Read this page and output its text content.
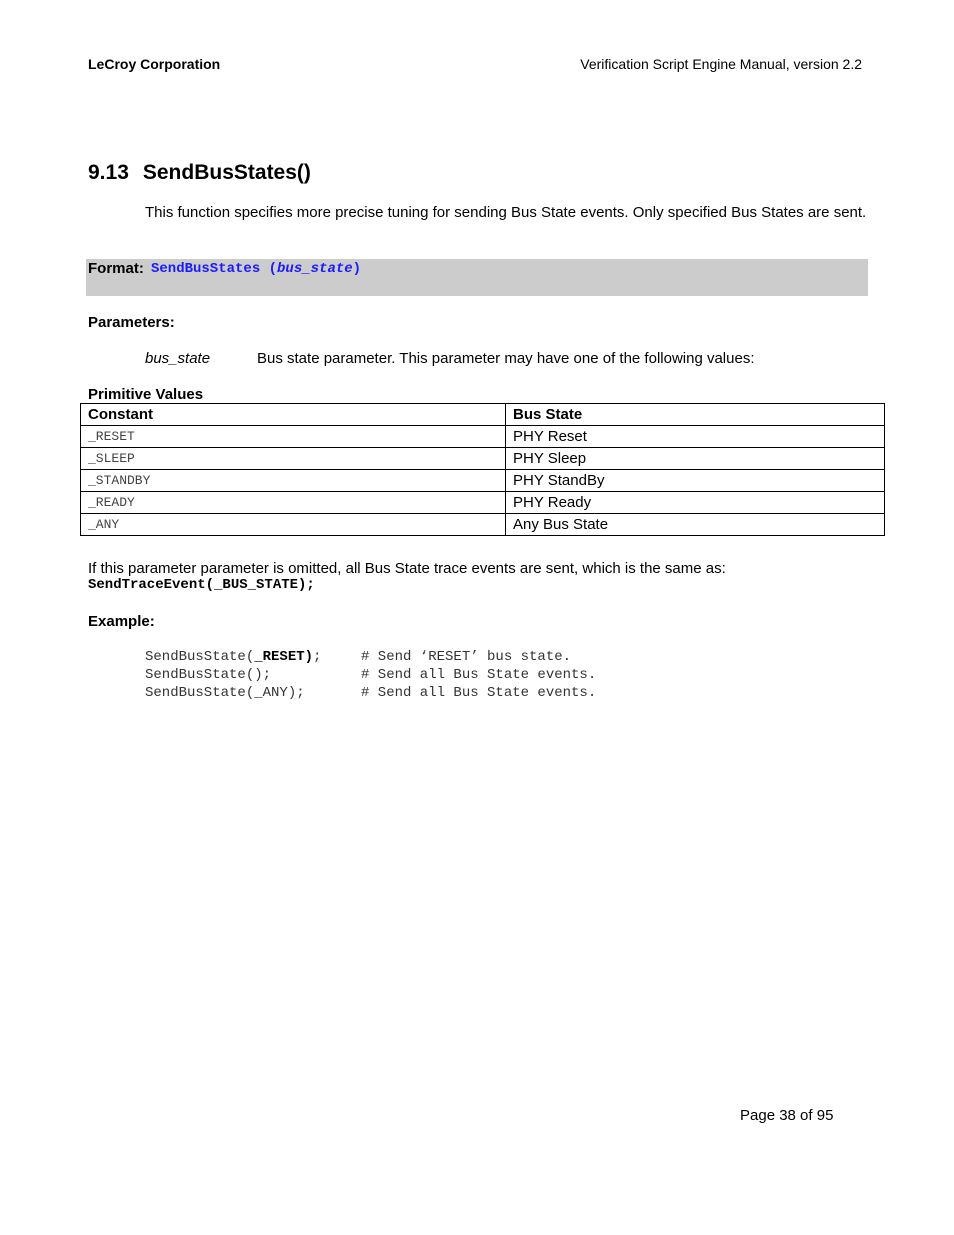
LeCroy Corporation	Verification Script Engine Manual, version 2.2
9.13 SendBusStates()
This function specifies more precise tuning for sending Bus State events. Only specified Bus States are sent.
Format: SendBusStates (bus_state)
Parameters:
bus_state	Bus state parameter. This parameter may have one of the following values:
Primitive Values
Constant	Bus State
_RESET	PHY Reset
_SLEEP	PHY Sleep
_STANDBY	PHY StandBy
_READY	PHY Ready
_ANY	Any Bus State
If this parameter parameter is omitted, all Bus State trace events are sent, which is the same as:
SendTraceEvent(_BUS_STATE);
Example:
SendBusState(_RESET);	# Send ‘RESET’ bus state.
SendBusState();	# Send all Bus State events.
SendBusState(_ANY);	# Send all Bus State events.
Page 38 of 95
